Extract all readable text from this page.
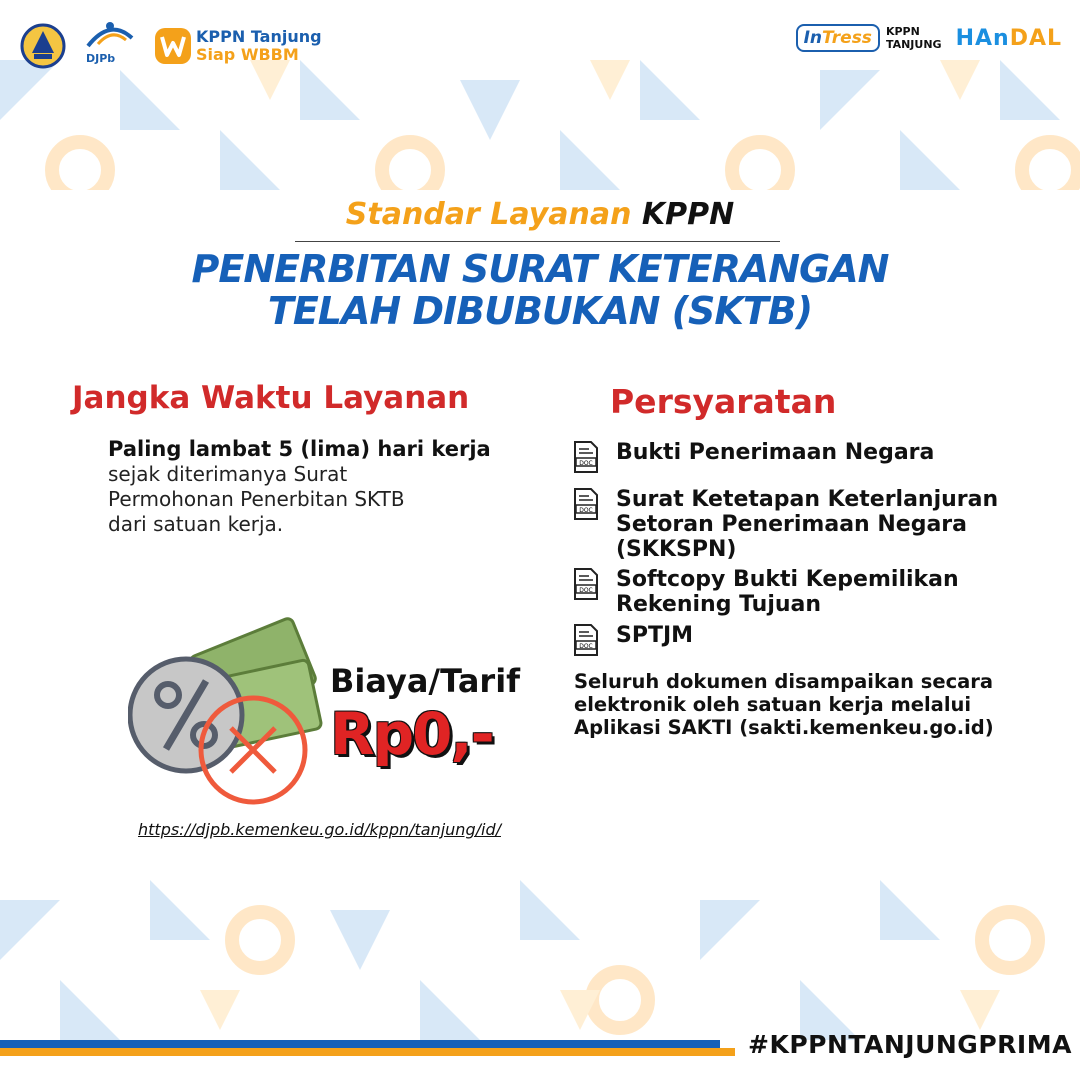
DJPb
KPPN Tanjung
Siap WBBM
InTress	KPPN
TANJUNG HAnDAL
Standar Layanan KPPN
PENERBITAN SURAT KETERANGAN
TELAH DIBUBUKAN (SKTB)
Jangka Waktu Layanan
Paling lambat 5 (lima) hari kerja
sejak diterimanya Surat
Permohonan Penerbitan SKTB
dari satuan kerja.
Biaya/Tarif
Rp0,-
https://djpb.kemenkeu.go.id/kppn/tanjung/id/
Persyaratan
DOC Bukti Penerimaan Negara
DOC Surat Ketetapan Keterlanjuran
Setoran Penerimaan Negara
(SKKSPN)
DOC Softcopy Bukti Kepemilikan
Rekening Tujuan
DOC SPTJM
Seluruh dokumen disampaikan secara
elektronik oleh satuan kerja melalui
Aplikasi SAKTI (sakti.kemenkeu.go.id)
#KPPNTANJUNGPRIMA
